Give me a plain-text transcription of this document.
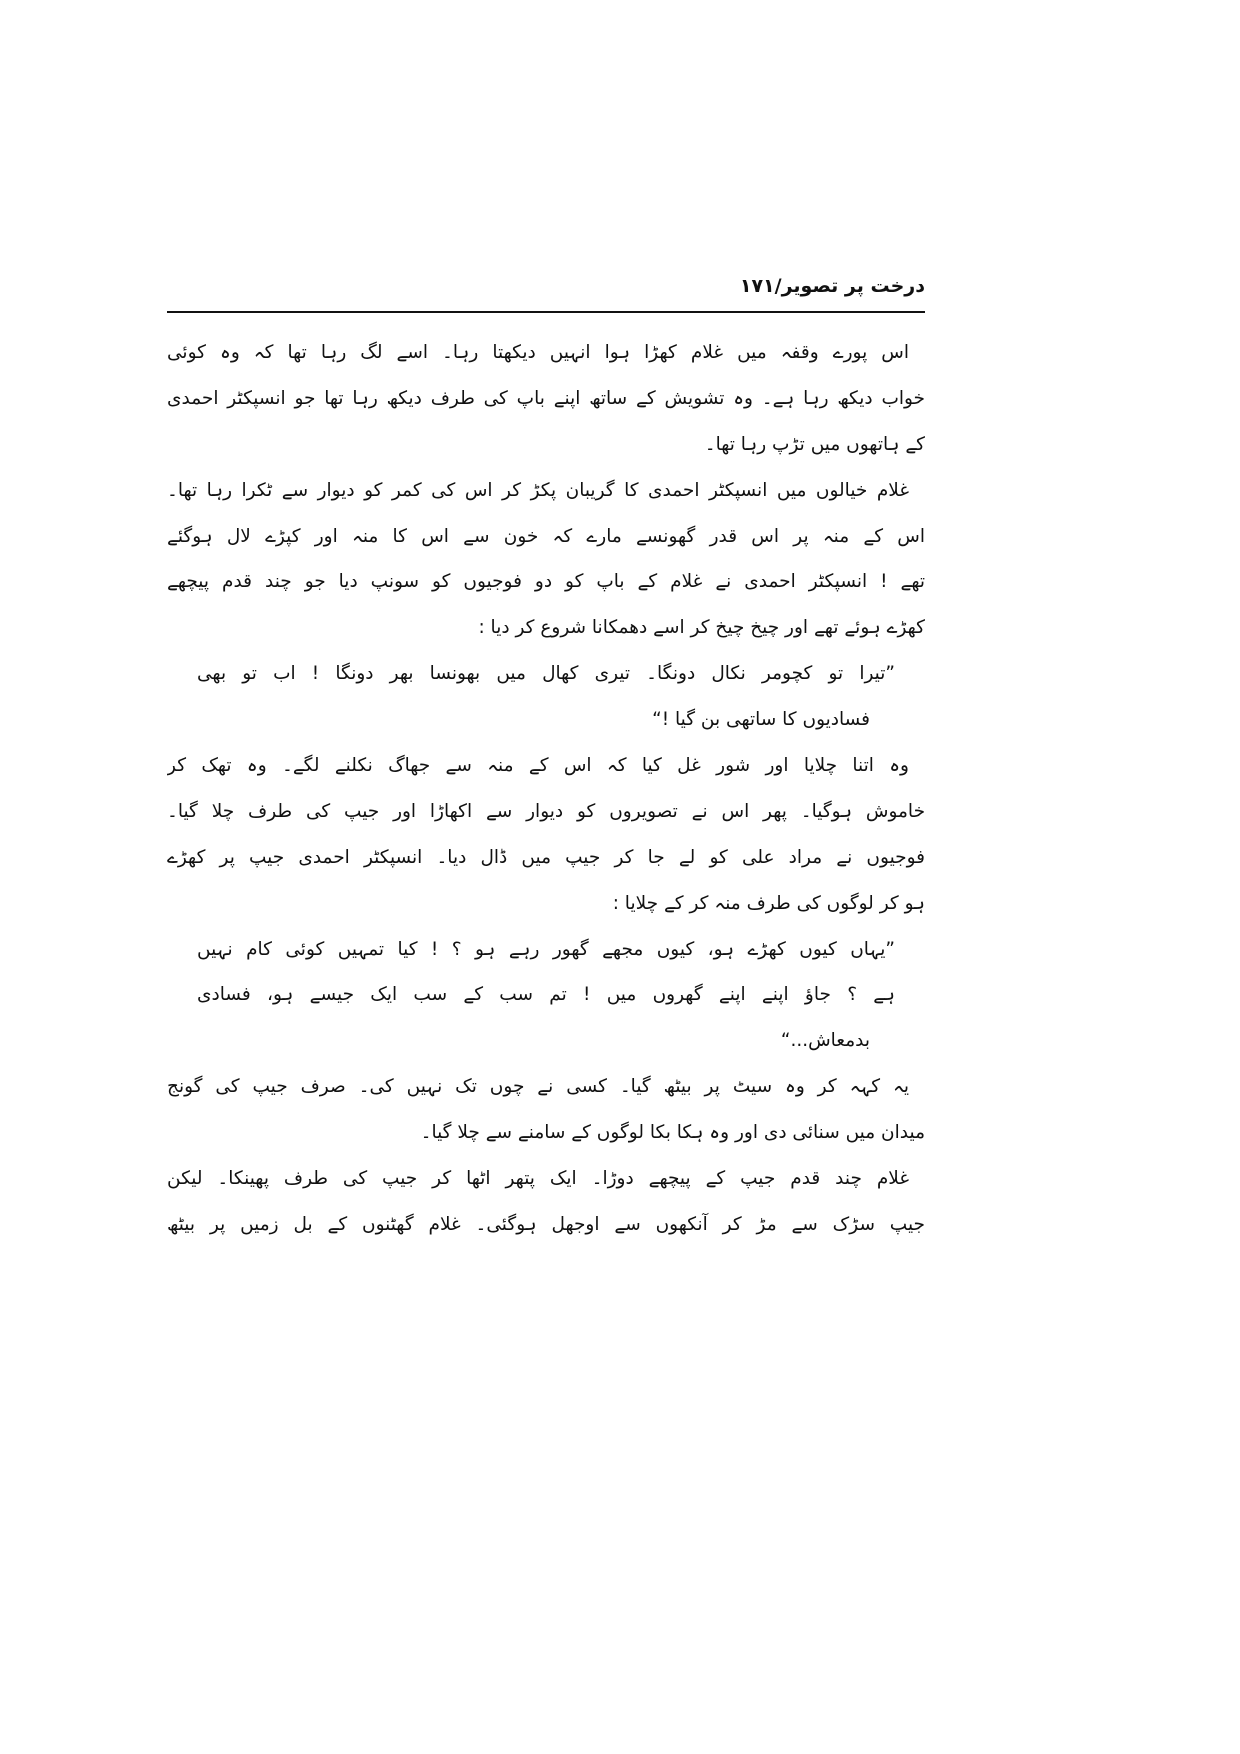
درخت پر تصویر/۱۷۱
اس پورے وقفہ میں غلام کھڑا ہوا انہیں دیکھتا رہا۔ اسے لگ رہا تھا کہ وہ کوئی
خواب دیکھ رہا ہے۔ وہ تشویش کے ساتھ اپنے باپ کی طرف دیکھ رہا تھا جو انسپکٹر احمدی
کے ہاتھوں میں تڑپ رہا تھا۔
غلام خیالوں میں انسپکٹر احمدی کا گریبان پکڑ کر اس کی کمر کو دیوار سے ٹکرا رہا تھا۔
اس کے منہ پر اس قدر گھونسے مارے کہ خون سے اس کا منہ اور کپڑے لال ہوگئے
تھے ! انسپکٹر احمدی نے غلام کے باپ کو دو فوجیوں کو سونپ دیا جو چند قدم پیچھے
کھڑے ہوئے تھے اور چیخ چیخ کر اسے دھمکانا شروع کر دیا :
”تیرا تو کچومر نکال دونگا۔ تیری کھال میں بھونسا بھر دونگا ! اب تو بھی
فسادیوں کا ساتھی بن گیا !“
وہ اتنا چلایا اور شور غل کیا کہ اس کے منہ سے جھاگ نکلنے لگے۔ وہ تھک کر
خاموش ہوگیا۔ پھر اس نے تصویروں کو دیوار سے اکھاڑا اور جیپ کی طرف چلا گیا۔
فوجیوں نے مراد علی کو لے جا کر جیپ میں ڈال دیا۔ انسپکٹر احمدی جیپ پر کھڑے
ہو کر لوگوں کی طرف منہ کر کے چلایا :
”یہاں کیوں کھڑے ہو، کیوں مجھے گھور رہے ہو ؟ ! کیا تمہیں کوئی کام نہیں
ہے ؟ جاؤ اپنے اپنے گھروں میں ! تم سب کے سب ایک جیسے ہو، فسادی
بدمعاش...“
یہ کہہ کر وہ سیٹ پر بیٹھ گیا۔ کسی نے چوں تک نہیں کی۔ صرف جیپ کی گونج
میدان میں سنائی دی اور وہ ہکا بکا لوگوں کے سامنے سے چلا گیا۔
غلام چند قدم جیپ کے پیچھے دوڑا۔ ایک پتھر اٹھا کر جیپ کی طرف پھینکا۔ لیکن
جیپ سڑک سے مڑ کر آنکھوں سے اوجھل ہوگئی۔ غلام گھٹنوں کے بل زمیں پر بیٹھ
